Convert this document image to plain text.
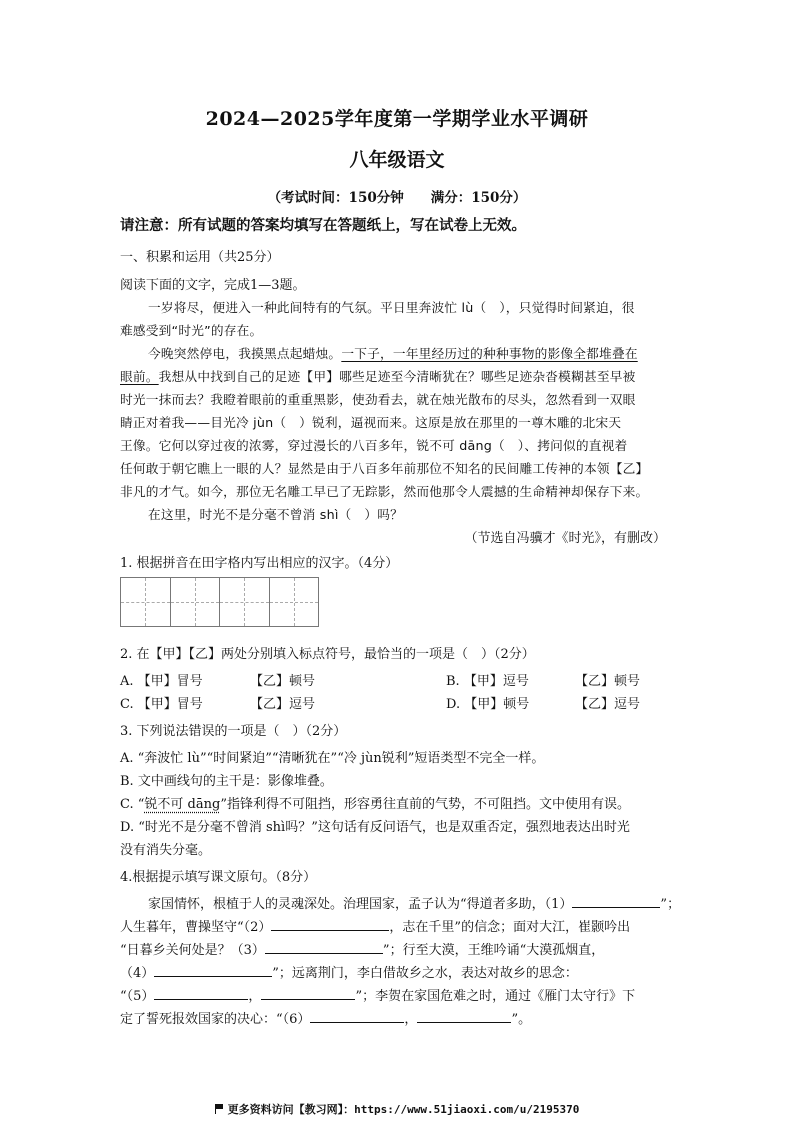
2024—2025学年度第一学期学业水平调研
八年级语文
（考试时间：150分钟　　满分：150分）
请注意：所有试题的答案均填写在答题纸上，写在试卷上无效。
一、积累和运用（共25分）
阅读下面的文字，完成1—3题。
一岁将尽，便进入一种此间特有的气氛。平日里奔波忙 lù（　），只觉得时间紧迫，很
难感受到“时光”的存在。
今晚突然停电，我摸黑点起蜡烛。一下子，一年里经历过的种种事物的影像全都堆叠在
眼前。我想从中找到自己的足迹【甲】哪些足迹至今清晰犹在？哪些足迹杂沓模糊甚至早被
时光一抹而去？我瞪着眼前的重重黑影，使劲看去，就在烛光散布的尽头，忽然看到一双眼
睛正对着我——目光冷 jùn（　）锐利，逼视而来。这原是放在那里的一尊木雕的北宋天
王像。它何以穿过夜的浓雾，穿过漫长的八百多年，锐不可 dāng（　）、拷问似的直视着
任何敢于朝它瞧上一眼的人？显然是由于八百多年前那位不知名的民间雕工传神的本领【乙】
非凡的才气。如今，那位无名雕工早已了无踪影，然而他那令人震撼的生命精神却保存下来。
在这里，时光不是分毫不曾消 shì（　）吗？
（节选自冯骥才《时光》，有删改）
1. 根据拼音在田字格内写出相应的汉字。（4分）
2. 在【甲】【乙】两处分别填入标点符号，最恰当的一项是（　）（2分）
A. 【甲】冒号	【乙】顿号	B. 【甲】逗号	【乙】顿号
C. 【甲】冒号	【乙】逗号	D. 【甲】顿号	【乙】逗号
3. 下列说法错误的一项是（　）（2分）
A. “奔波忙 lù”“时间紧迫”“清晰犹在”“冷 jùn锐利”短语类型不完全一样。
B. 文中画线句的主干是：影像堆叠。
C. “锐不可 dāng”指锋利得不可阻挡，形容勇往直前的气势，不可阻挡。文中使用有误。
D. “时光不是分毫不曾消 shì吗？”这句话有反问语气，也是双重否定，强烈地表达出时光
没有消失分毫。
4.根据提示填写课文原句。（8分）
家国情怀，根植于人的灵魂深处。治理国家，孟子认为“得道者多助，（1）	”；
人生暮年，曹操坚守“（2）	，志在千里”的信念；面对大江，崔颢吟出
“日暮乡关何处是？（3）	”；行至大漠，王维吟诵“大漠孤烟直，
（4）	”；远离荆门，李白借故乡之水，表达对故乡的思念：
“（5）	，	”；李贺在家国危难之时，通过《雁门太守行》下
定了誓死报效国家的决心：“（6）	，	”。
更多资料访问【教习网】：https://www.51jiaoxi.com/u/2195370
